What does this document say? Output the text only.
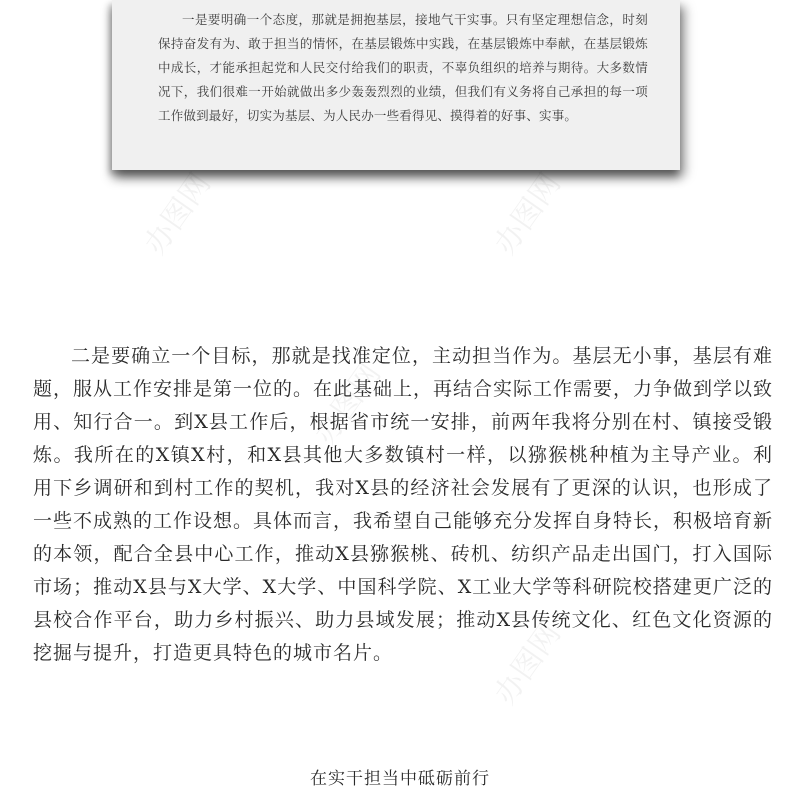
一是要明确一个态度，那就是拥抱基层，接地气干实事。只有坚定理想信念，时刻保持奋发有为、敢于担当的情怀，在基层锻炼中实践，在基层锻炼中奉献，在基层锻炼中成长，才能承担起党和人民交付给我们的职责，不辜负组织的培养与期待。大多数情况下，我们很难一开始就做出多少轰轰烈烈的业绩，但我们有义务将自己承担的每一项工作做到最好，切实为基层、为人民办一些看得见、摸得着的好事、实事。

二是要确立一个目标，那就是找准定位，主动担当作为。基层无小事，基层有难题，服从工作安排是第一位的。在此基础上，再结合实际工作需要，力争做到学以致用、知行合一。到X县工作后，根据省市统一安排，前两年我将分别在村、镇接受锻炼。我所在的X镇X村，和X县其他大多数镇村一样，以猕猴桃种植为主导产业。利用下乡调研和到村工作的契机，我对X县的经济社会发展有了更深的认识，也形成了一些不成熟的工作设想。具体而言，我希望自己能够充分发挥自身特长，积极培育新的本领，配合全县中心工作，推动X县猕猴桃、砖机、纺织产品走出国门，打入国际市场；推动X县与X大学、X大学、中国科学院、X工业大学等科研院校搭建更广泛的县校合作平台，助力乡村振兴、助力县域发展；推动X县传统文化、红色文化资源的挖掘与提升，打造更具特色的城市名片。

在实干担当中砥砺前行
办图网	办图网
办图网
办图网
